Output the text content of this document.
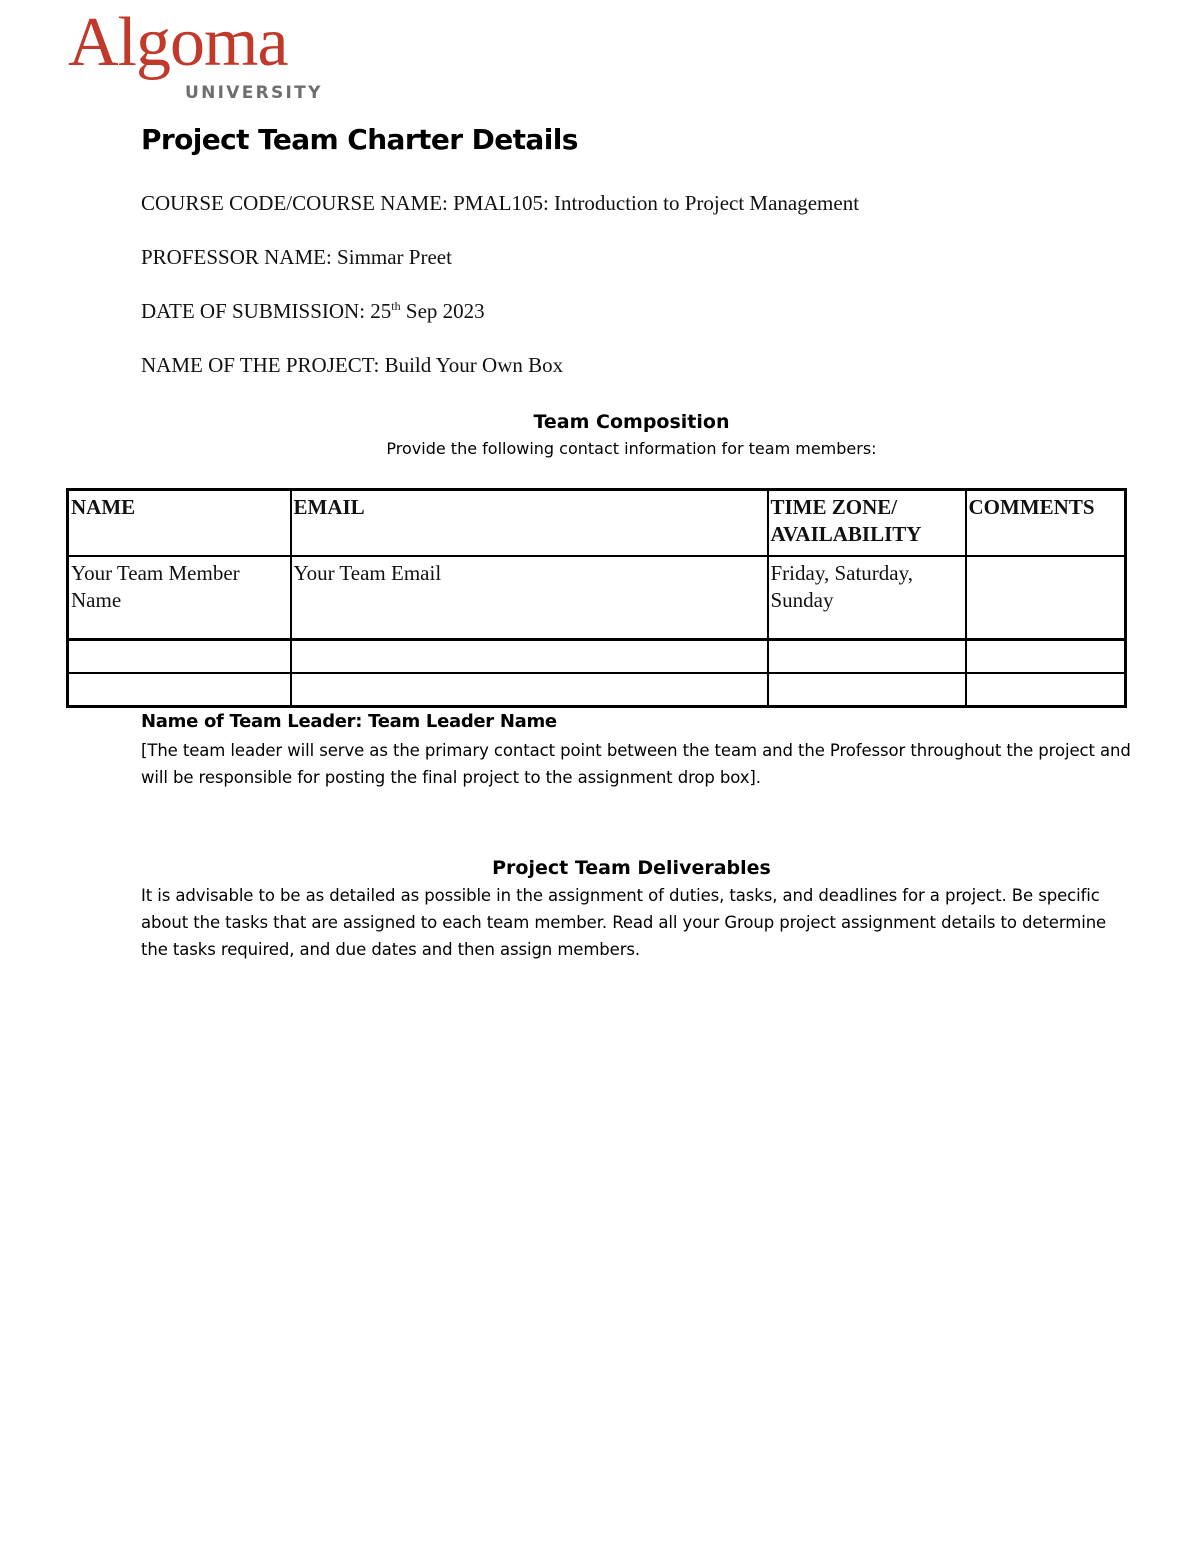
Algoma
UNIVERSITY
Project Team Charter Details
COURSE CODE/COURSE NAME: PMAL105: Introduction to Project Management
PROFESSOR NAME: Simmar Preet
DATE OF SUBMISSION: 25th Sep 2023
NAME OF THE PROJECT: Build Your Own Box
Team Composition
Provide the following contact information for team members:
NAME	EMAIL	TIME ZONE/ AVAILABILITY	COMMENTS
Your Team Member Name	Your Team Email	Friday, Saturday, Sunday	

Name of Team Leader: Team Leader Name
[The team leader will serve as the primary contact point between the team and the Professor throughout the project and will be responsible for posting the final project to the assignment drop box].
Project Team Deliverables
It is advisable to be as detailed as possible in the assignment of duties, tasks, and deadlines for a project. Be specific about the tasks that are assigned to each team member. Read all your Group project assignment details to determine the tasks required, and due dates and then assign members.
